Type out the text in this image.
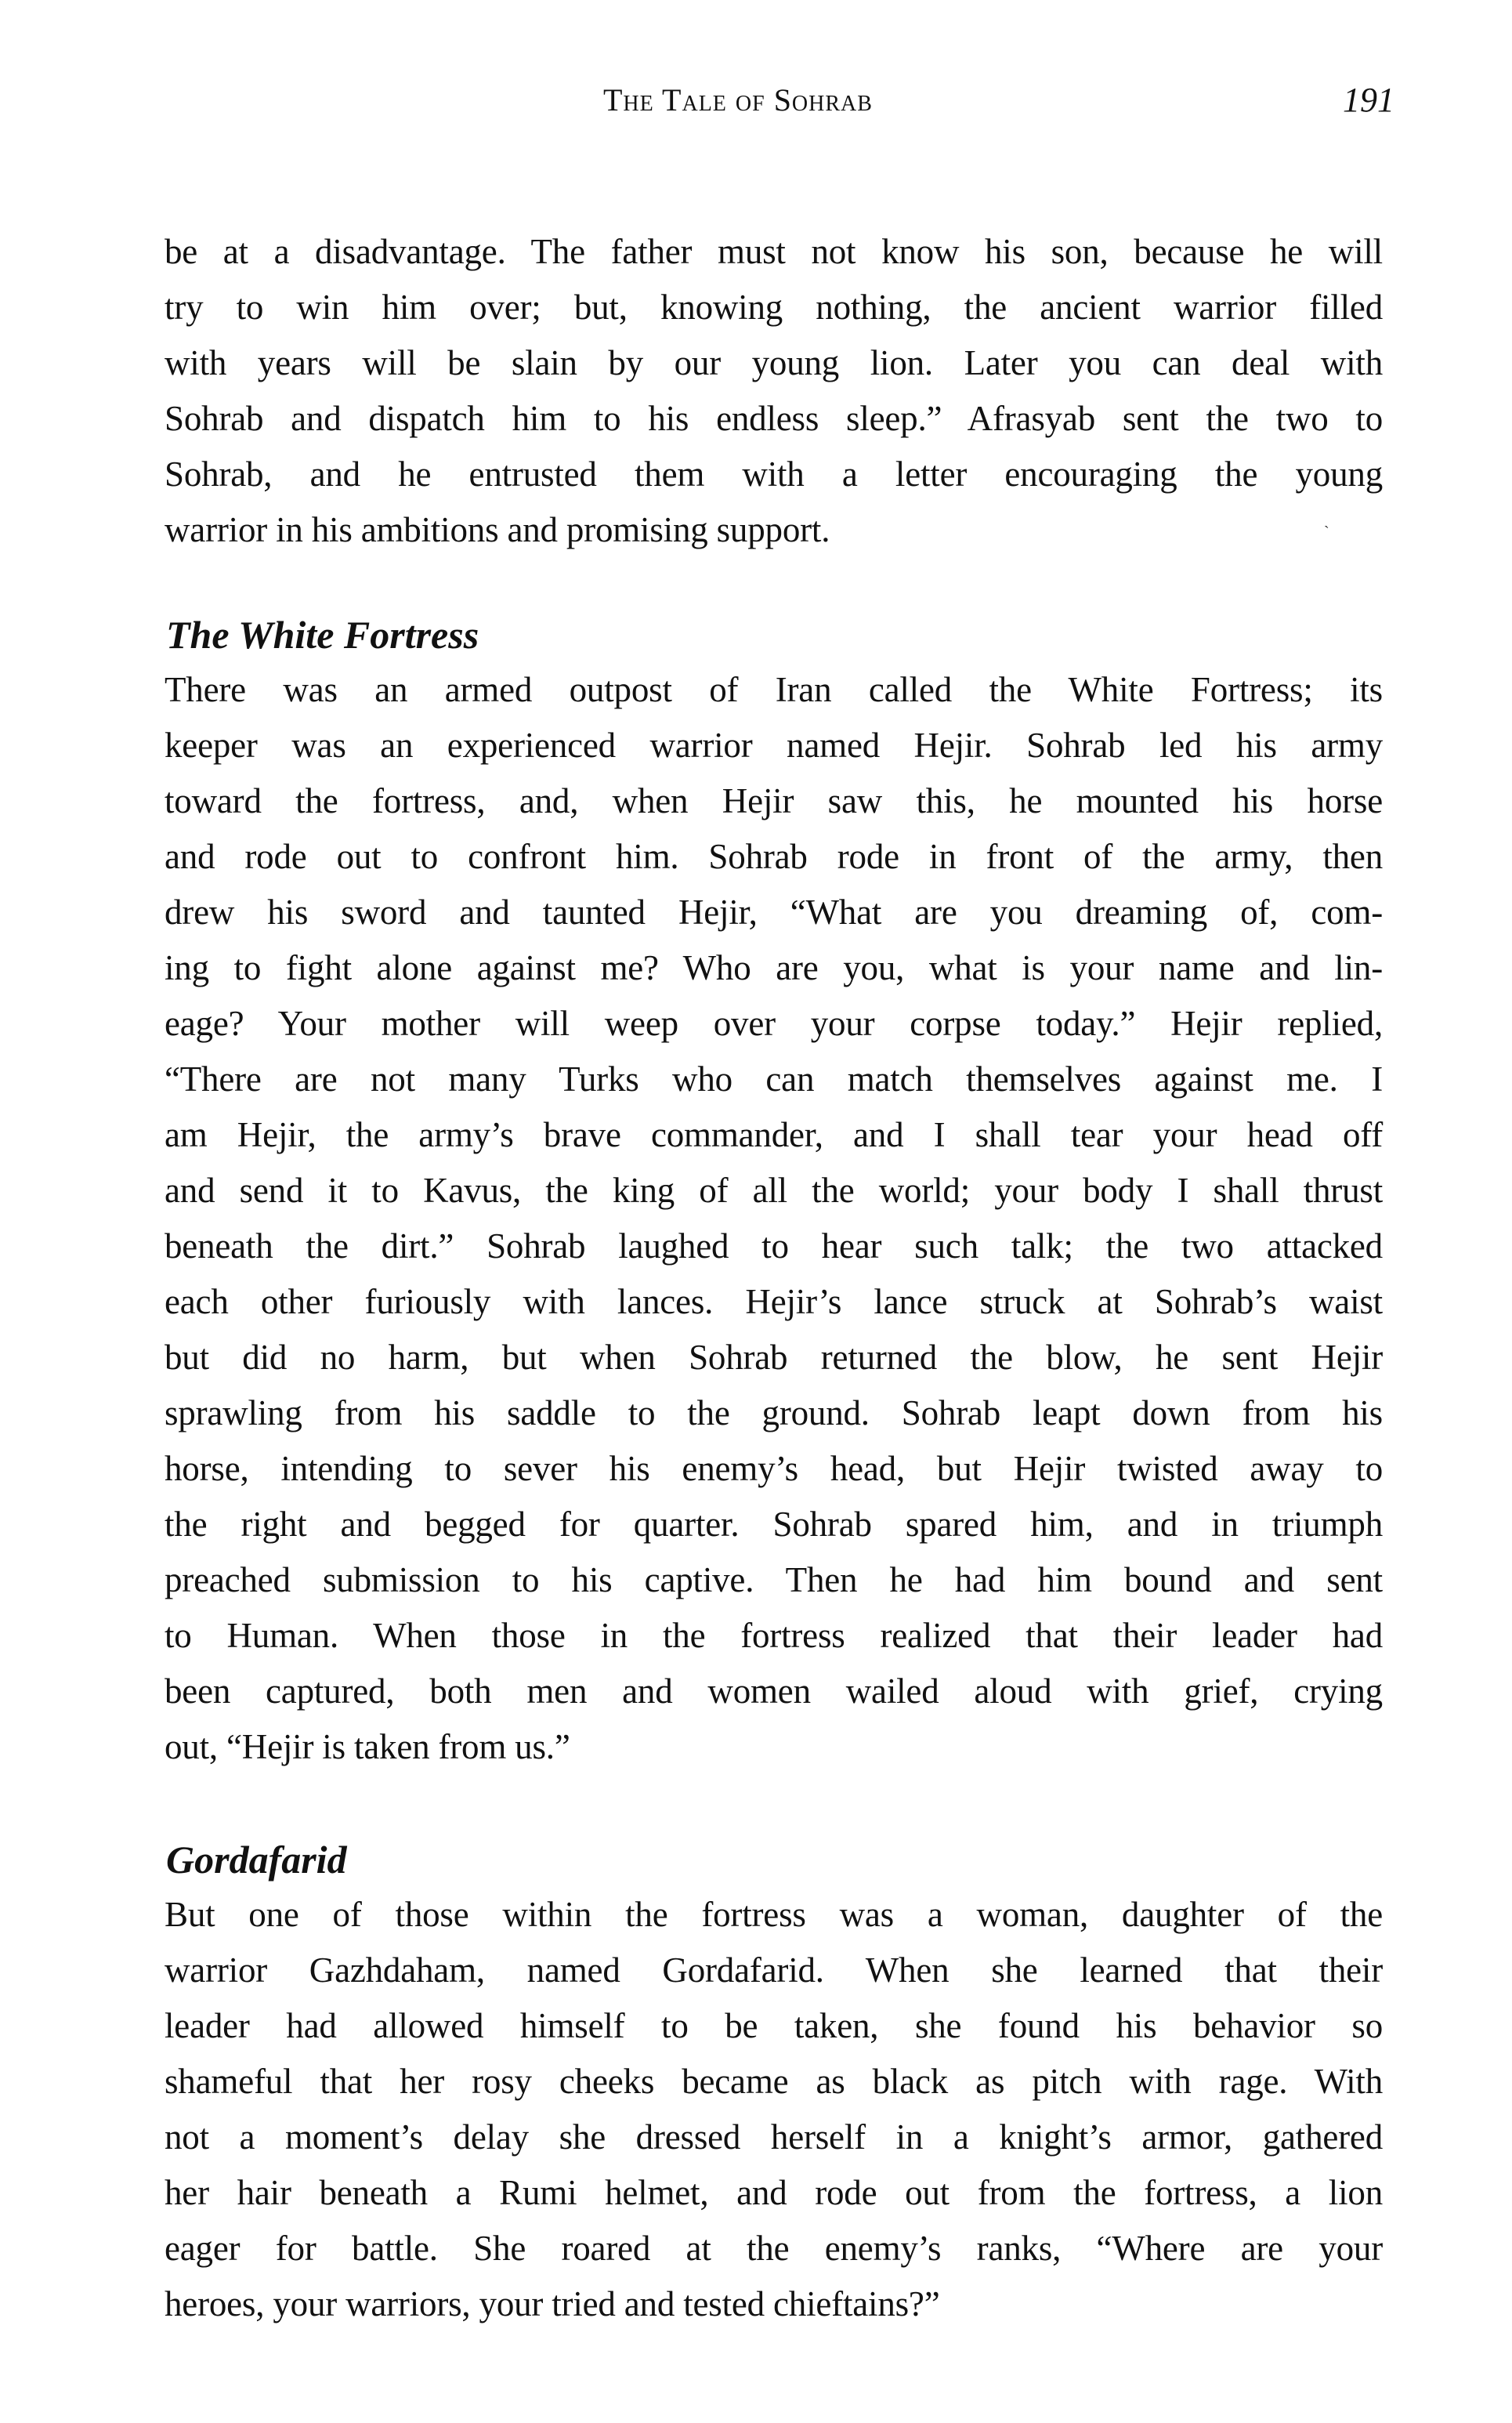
The Tale of Sohrab	191
be at a disadvantage. The father must not know his son, because he will
try to win him over; but, knowing nothing, the ancient warrior filled
with years will be slain by our young lion. Later you can deal with
Sohrab and dispatch him to his endless sleep.” Afrasyab sent the two to
Sohrab, and he entrusted them with a letter encouraging the young
warrior in his ambitions and promising support.	ˋ
The White Fortress
There was an armed outpost of Iran called the White Fortress; its
keeper was an experienced warrior named Hejir. Sohrab led his army
toward the fortress, and, when Hejir saw this, he mounted his horse
and rode out to confront him. Sohrab rode in front of the army, then
drew his sword and taunted Hejir, “What are you dreaming of, com-
ing to fight alone against me? Who are you, what is your name and lin-
eage? Your mother will weep over your corpse today.” Hejir replied,
“There are not many Turks who can match themselves against me. I
am Hejir, the army’s brave commander, and I shall tear your head off
and send it to Kavus, the king of all the world; your body I shall thrust
beneath the dirt.” Sohrab laughed to hear such talk; the two attacked
each other furiously with lances. Hejir’s lance struck at Sohrab’s waist
but did no harm, but when Sohrab returned the blow, he sent Hejir
sprawling from his saddle to the ground. Sohrab leapt down from his
horse, intending to sever his enemy’s head, but Hejir twisted away to
the right and begged for quarter. Sohrab spared him, and in triumph
preached submission to his captive. Then he had him bound and sent
to Human. When those in the fortress realized that their leader had
been captured, both men and women wailed aloud with grief, crying
out, “Hejir is taken from us.”
Gordafarid
But one of those within the fortress was a woman, daughter of the
warrior Gazhdaham, named Gordafarid. When she learned that their
leader had allowed himself to be taken, she found his behavior so
shameful that her rosy cheeks became as black as pitch with rage. With
not a moment’s delay she dressed herself in a knight’s armor, gathered
her hair beneath a Rumi helmet, and rode out from the fortress, a lion
eager for battle. She roared at the enemy’s ranks, “Where are your
heroes, your warriors, your tried and tested chieftains?”
